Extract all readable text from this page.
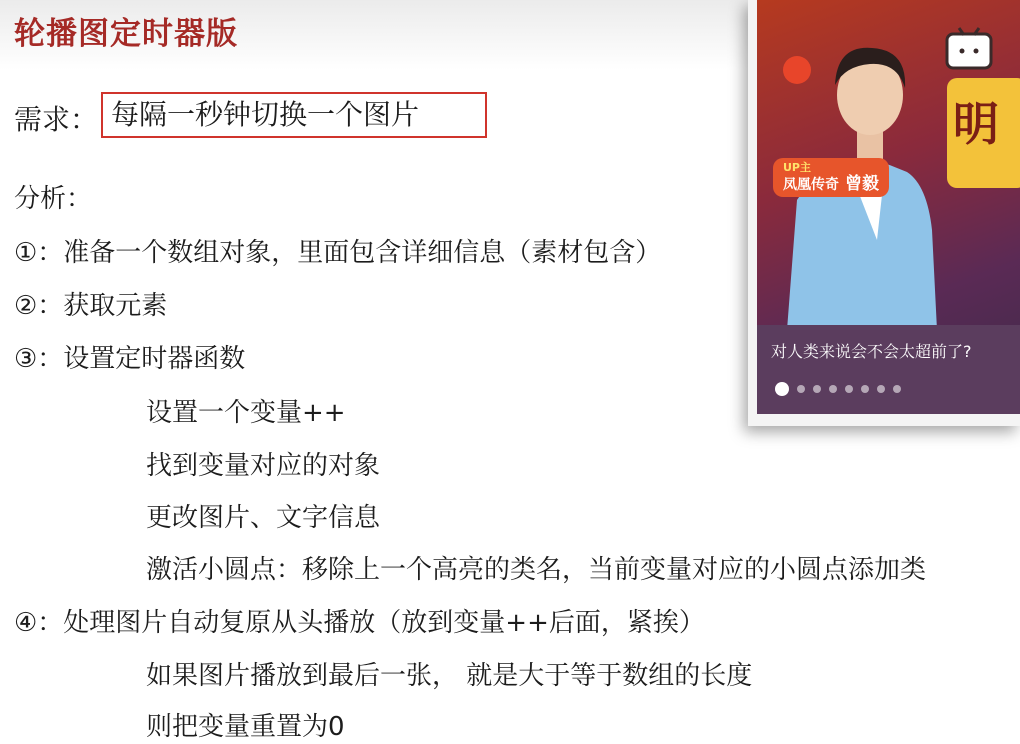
轮播图定时器版
需求： 每隔一秒钟切换一个图片
分析：
①：准备一个数组对象，里面包含详细信息（素材包含）
②：获取元素
③：设置定时器函数
设置一个变量++
找到变量对应的对象
更改图片、文字信息
激活小圆点：移除上一个高亮的类名，当前变量对应的小圆点添加类
④：处理图片自动复原从头播放（放到变量++后面，紧挨）
如果图片播放到最后一张， 就是大于等于数组的长度
则把变量重置为0
明
UP主
凤凰传奇 曾毅
对人类来说会不会太超前了?
